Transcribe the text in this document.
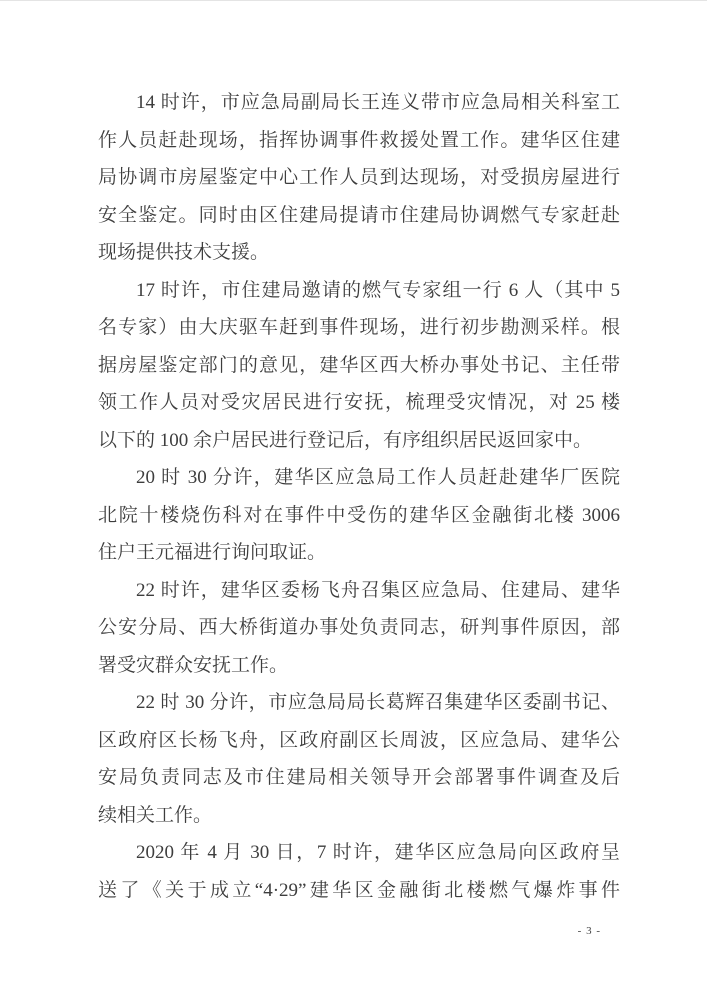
14 时许，市应急局副局长王连义带市应急局相关科室工
作人员赶赴现场，指挥协调事件救援处置工作。建华区住建
局协调市房屋鉴定中心工作人员到达现场，对受损房屋进行
安全鉴定。同时由区住建局提请市住建局协调燃气专家赶赴
现场提供技术支援。
17 时许，市住建局邀请的燃气专家组一行 6 人（其中 5
名专家）由大庆驱车赶到事件现场，进行初步勘测采样。根
据房屋鉴定部门的意见，建华区西大桥办事处书记、主任带
领工作人员对受灾居民进行安抚，梳理受灾情况，对 25 楼
以下的 100 余户居民进行登记后，有序组织居民返回家中。
20 时 30 分许，建华区应急局工作人员赶赴建华厂医院
北院十楼烧伤科对在事件中受伤的建华区金融街北楼 3006
住户王元福进行询问取证。
22 时许，建华区委杨飞舟召集区应急局、住建局、建华
公安分局、西大桥街道办事处负责同志，研判事件原因，部
署受灾群众安抚工作。
22 时 30 分许，市应急局局长葛辉召集建华区委副书记、
区政府区长杨飞舟，区政府副区长周波，区应急局、建华公
安局负责同志及市住建局相关领导开会部署事件调查及后
续相关工作。
2020 年 4 月 30 日，7 时许，建华区应急局向区政府呈
送了《关于成立“4·29”建华区金融街北楼燃气爆炸事件
- 3 -
